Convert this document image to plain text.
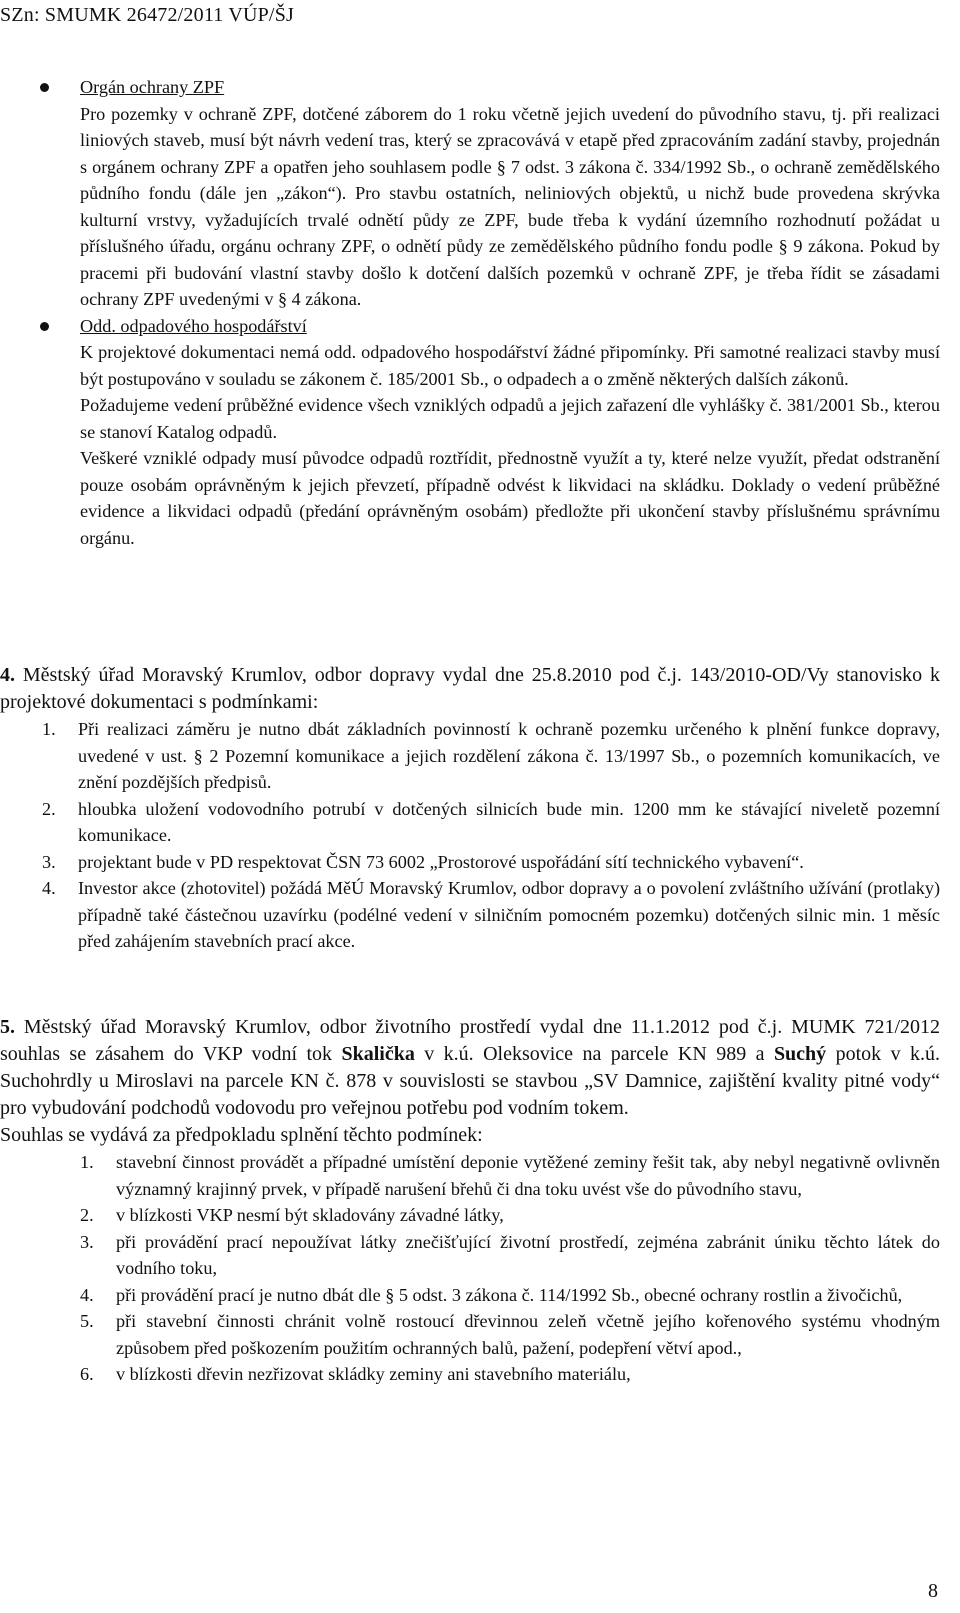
SZn: SMUMK 26472/2011 VÚP/ŠJ

Orgán ochrany ZPF

Pro pozemky v ochraně ZPF, dotčené záborem do 1 roku včetně jejich uvedení do původního stavu, tj. při realizaci liniových staveb, musí být návrh vedení tras, který se zpracovává v etapě před zpracováním zadání stavby, projednán s orgánem ochrany ZPF a opatřen jeho souhlasem podle § 7 odst. 3 zákona č. 334/1992 Sb., o ochraně zemědělského půdního fondu (dále jen „zákon“). Pro stavbu ostatních, neliniových objektů, u nichž bude provedena skrývka kulturní vrstvy, vyžadujících trvalé odnětí půdy ze ZPF, bude třeba k vydání územního rozhodnutí požádat u příslušného úřadu, orgánu ochrany ZPF, o odnětí půdy ze zemědělského půdního fondu podle § 9 zákona. Pokud by pracemi při budování vlastní stavby došlo k dotčení dalších pozemků v ochraně ZPF, je třeba řídit se zásadami ochrany ZPF uvedenými v § 4 zákona.

Odd. odpadového hospodářství

K projektové dokumentaci nemá odd. odpadového hospodářství žádné připomínky. Při samotné realizaci stavby musí být postupováno v souladu se zákonem č. 185/2001 Sb., o odpadech a o změně některých dalších zákonů.

Požadujeme vedení průběžné evidence všech vzniklých odpadů a jejich zařazení dle vyhlášky č. 381/2001 Sb., kterou se stanoví Katalog odpadů.

Veškeré vzniklé odpady musí původce odpadů roztřídit, přednostně využít a ty, které nelze využít, předat odstranění pouze osobám oprávněným k jejich převzetí, případně odvést k likvidaci na skládku. Doklady o vedení průběžné evidence a likvidaci odpadů (předání oprávněným osobám) předložte při ukončení stavby příslušnému správnímu orgánu.

4. Městský úřad Moravský Krumlov, odbor dopravy vydal dne 25.8.2010 pod č.j. 143/2010-OD/Vy stanovisko k projektové dokumentaci s podmínkami:

1. Při realizaci záměru je nutno dbát základních povinností k ochraně pozemku určeného k plnění funkce dopravy, uvedené v ust. § 2 Pozemní komunikace a jejich rozdělení zákona č. 13/1997 Sb., o pozemních komunikacích, ve znění pozdějších předpisů.
2. hloubka uložení vodovodního potrubí v dotčených silnicích bude min. 1200 mm ke stávající niveletě pozemní komunikace.
3. projektant bude v PD respektovat ČSN 73 6002 „Prostorové uspořádání sítí technického vybavení“.
4. Investor akce (zhotovitel) požádá MěÚ Moravský Krumlov, odbor dopravy a o povolení zvláštního užívání (protlaky) případně také částečnou uzavírku (podélné vedení v silničním pomocném pozemku) dotčených silnic min. 1 měsíc před zahájením stavebních prací akce.

5. Městský úřad Moravský Krumlov, odbor životního prostředí vydal dne 11.1.2012 pod č.j. MUMK 721/2012 souhlas se zásahem do VKP vodní tok Skalička v k.ú. Oleksovice na parcele KN 989 a Suchý potok v k.ú. Suchohrdly u Miroslavi na parcele KN č. 878 v souvislosti se stavbou „SV Damnice, zajištění kvality pitné vody“ pro vybudování podchodů vodovodu pro veřejnou potřebu pod vodním tokem.

Souhlas se vydává za předpokladu splnění těchto podmínek:

1. stavební činnost provádět a případné umístění deponie vytěžené zeminy řešit tak, aby nebyl negativně ovlivněn významný krajinný prvek, v případě narušení břehů či dna toku uvést vše do původního stavu,
2. v blízkosti VKP nesmí být skladovány závadné látky,
3. při provádění prací nepoužívat látky znečišťující životní prostředí, zejména zabránit úniku těchto látek do vodního toku,
4. při provádění prací je nutno dbát dle § 5 odst. 3 zákona č. 114/1992 Sb., obecné ochrany rostlin a živočichů,
5. při stavební činnosti chránit volně rostoucí dřevinnou zeleň včetně jejího kořenového systému vhodným způsobem před poškozením použitím ochranných balů, pažení, podepření větví apod.,
6. v blízkosti dřevin nezřizovat skládky zeminy ani stavebního materiálu,
8
